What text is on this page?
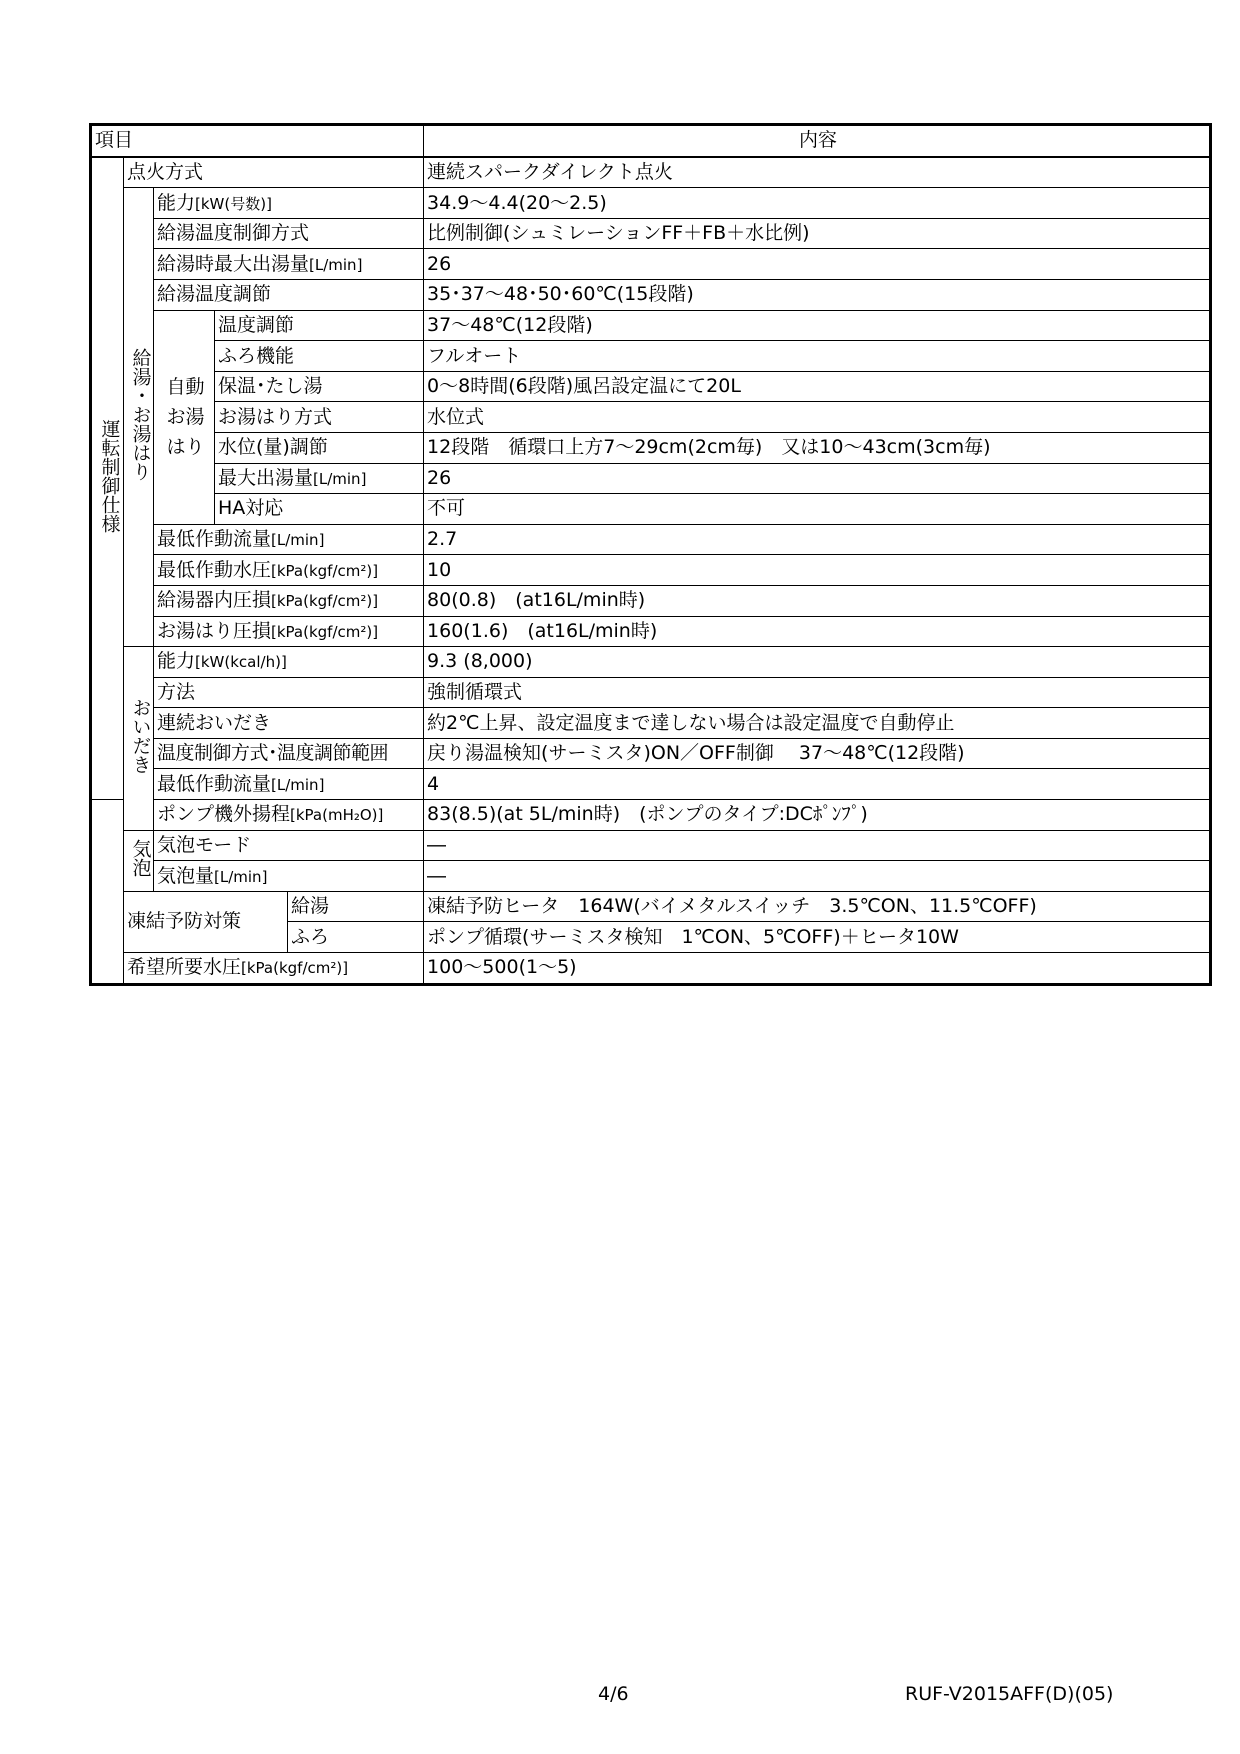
項目					内容
運転制御仕様	点火方式				連続スパークダイレクト点火
	給湯・お湯はり	能力[kW(号数)]			34.9～4.4(20～2.5)
		給湯温度制御方式			比例制御(シュミレーションFF＋FB＋水比例)
		給湯時最大出湯量[L/min]			26
		給湯温度調節			35･37～48･50･60℃(15段階)
		自動お湯はり	温度調節		37～48℃(12段階)
			ふろ機能		フルオート
			保温･たし湯		0～8時間(6段階)風呂設定温にて20L
			お湯はり方式		水位式
			水位(量)調節		12段階　循環口上方7～29cm(2cm毎)　又は10～43cm(3cm毎)
			最大出湯量[L/min]		26
			HA対応		不可
		最低作動流量[L/min]			2.7
		最低作動水圧[kPa(kgf/cm²)]			10
		給湯器内圧損[kPa(kgf/cm²)]			80(0.8)　(at16L/min時)
		お湯はり圧損[kPa(kgf/cm²)]			160(1.6)　(at16L/min時)
	おいだき	能力[kW(kcal/h)]			9.3 (8,000)
		方法			強制循環式
		連続おいだき			約2℃上昇、設定温度まで達しない場合は設定温度で自動停止
		温度制御方式･温度調節範囲			戻り湯温検知(サーミスタ)ON／OFF制御　 37～48℃(12段階)
		最低作動流量[L/min]			4
		ポンプ機外揚程[kPa(mH₂O)]			83(8.5)(at 5L/min時)　(ポンプのタイプ:DCﾎﾟﾝﾌﾟ)
	気泡	気泡モード			―
		気泡量[L/min]			―
	凍結予防対策			給湯	凍結予防ヒータ　164W(バイメタルスイッチ　3.5℃ON、11.5℃OFF)
				ふろ	ポンプ循環(サーミスタ検知　1℃ON、5℃OFF)＋ヒータ10W
	希望所要水圧[kPa(kgf/cm²)]				100～500(1～5)
4/6	RUF-V2015AFF(D)(05)
